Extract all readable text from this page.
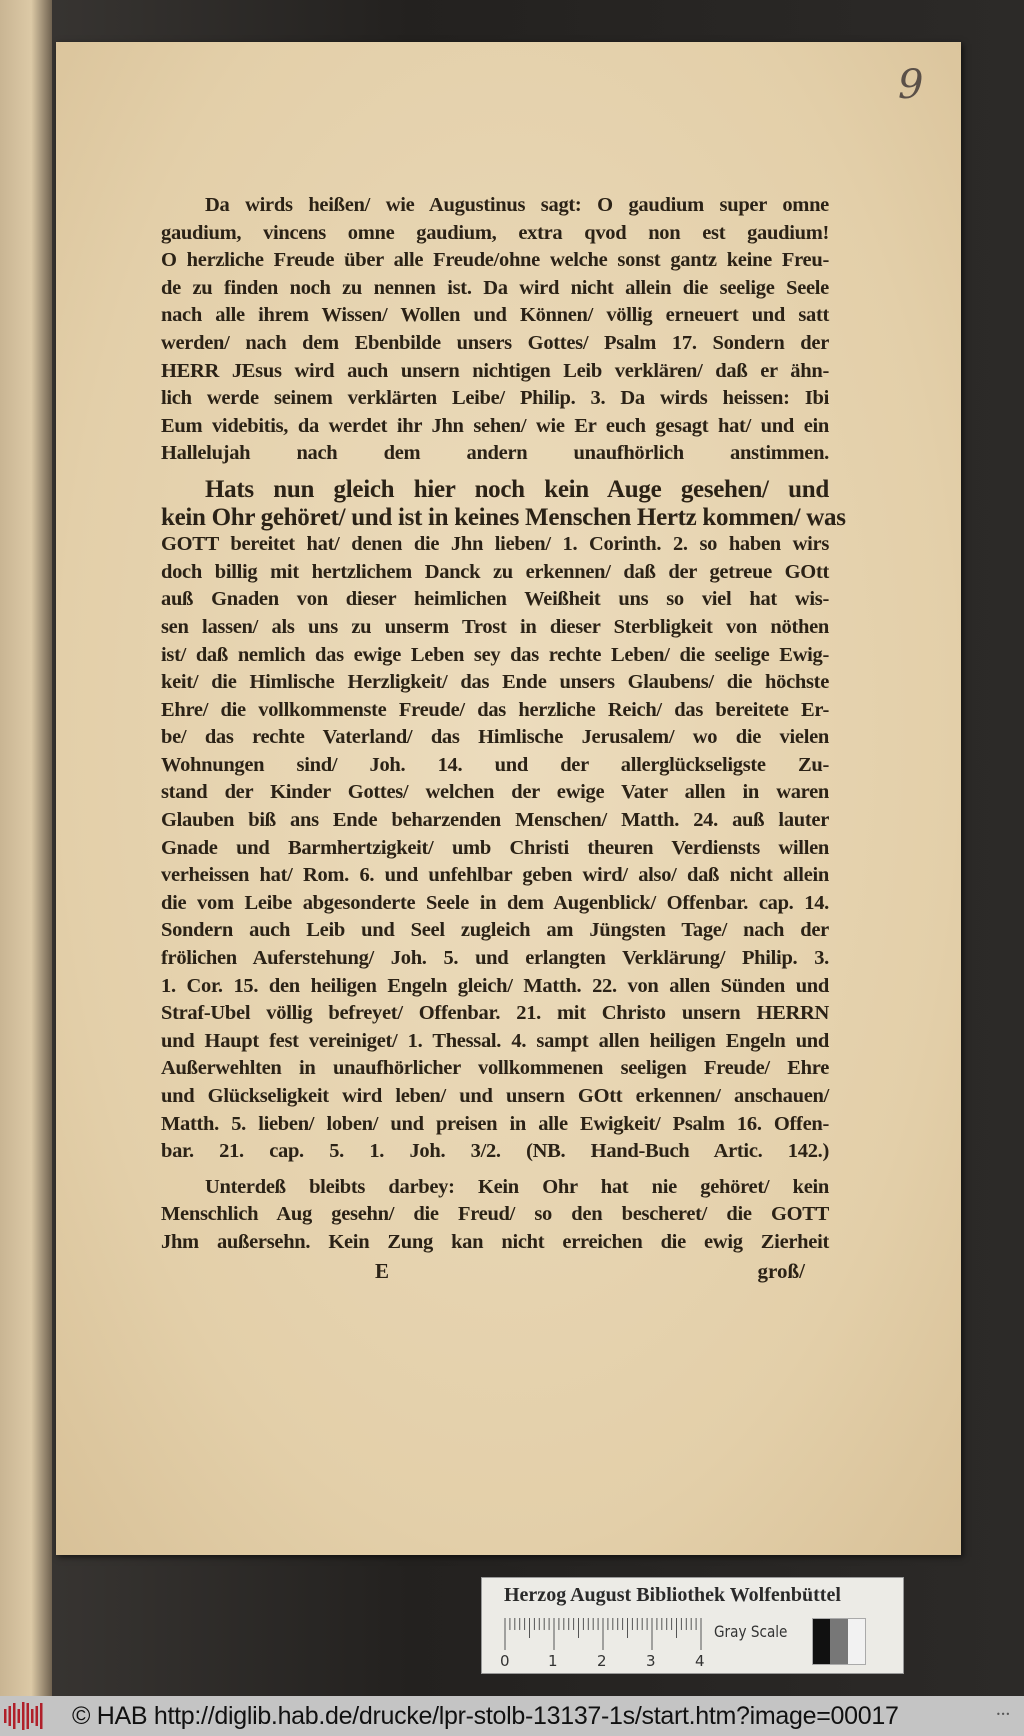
9
Da wirds heißen/ wie Augustinus sagt: O gaudium super omne
gaudium, vincens omne gaudium, extra qvod non est gaudium!
O herzliche Freude über alle Freude/ohne welche sonst gantz keine Freu-
de zu finden noch zu nennen ist. Da wird nicht allein die seelige Seele
nach alle ihrem Wissen/ Wollen und Können/ völlig erneuert und satt
werden/ nach dem Ebenbilde unsers Gottes/ Psalm 17. Sondern der
HERR JEsus wird auch unsern nichtigen Leib verklären/ daß er ähn-
lich werde seinem verklärten Leibe/ Philip. 3. Da wirds heissen: Ibi
Eum videbitis, da werdet ihr Jhn sehen/ wie Er euch gesagt hat/ und ein
Hallelujah nach dem andern unaufhörlich anstimmen.
Hats nun gleich hier noch kein Auge gesehen/ und
kein Ohr gehöret/ und ist in keines Menschen Hertz kommen/ was
GOTT bereitet hat/ denen die Jhn lieben/ 1. Corinth. 2. so haben wirs
doch billig mit hertzlichem Danck zu erkennen/ daß der getreue GOtt
auß Gnaden von dieser heimlichen Weißheit uns so viel hat wis-
sen lassen/ als uns zu unserm Trost in dieser Sterbligkeit von nöthen
ist/ daß nemlich das ewige Leben sey das rechte Leben/ die seelige Ewig-
keit/ die Himlische Herzligkeit/ das Ende unsers Glaubens/ die höchste
Ehre/ die vollkommenste Freude/ das herzliche Reich/ das bereitete Er-
be/ das rechte Vaterland/ das Himlische Jerusalem/ wo die vielen
Wohnungen sind/ Joh. 14. und der allerglückseligste Zu-
stand der Kinder Gottes/ welchen der ewige Vater allen in waren
Glauben biß ans Ende beharzenden Menschen/ Matth. 24. auß lauter
Gnade und Barmhertzigkeit/ umb Christi theuren Verdiensts willen
verheissen hat/ Rom. 6. und unfehlbar geben wird/ also/ daß nicht allein
die vom Leibe abgesonderte Seele in dem Augenblick/ Offenbar. cap. 14.
Sondern auch Leib und Seel zugleich am Jüngsten Tage/ nach der
frölichen Auferstehung/ Joh. 5. und erlangten Verklärung/ Philip. 3.
1. Cor. 15. den heiligen Engeln gleich/ Matth. 22. von allen Sünden und
Straf-Ubel völlig befreyet/ Offenbar. 21. mit Christo unsern HERRN
und Haupt fest vereiniget/ 1. Thessal. 4. sampt allen heiligen Engeln und
Außerwehlten in unaufhörlicher vollkommenen seeligen Freude/ Ehre
und Glückseligkeit wird leben/ und unsern GOtt erkennen/ anschauen/
Matth. 5. lieben/ loben/ und preisen in alle Ewigkeit/ Psalm 16. Offen-
bar. 21. cap. 5. 1. Joh. 3/2. (NB. Hand-Buch Artic. 142.)
Unterdeß bleibts darbey: Kein Ohr hat nie gehöret/ kein
Menschlich Aug gesehn/ die Freud/ so den bescheret/ die GOTT
Jhm außersehn. Kein Zung kan nicht erreichen die ewig Zierheit
E	groß/
Herzog August Bibliothek Wolfenbüttel
0	1	2	3	4
Gray Scale
© HAB http://diglib.hab.de/drucke/lpr-stolb-13137-1s/start.htm?image=00017	•••
